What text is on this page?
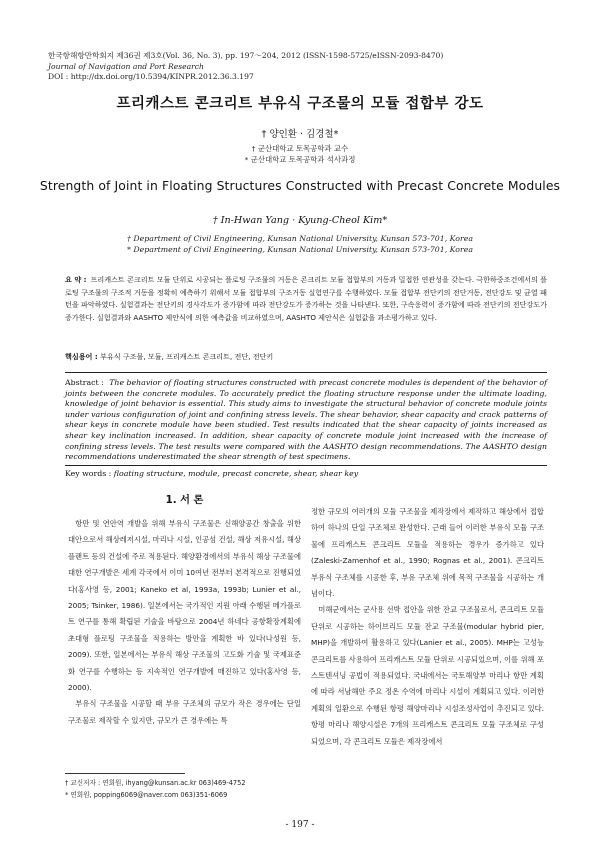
한국항해항만학회지 제36권 제3호(Vol. 36, No. 3), pp. 197～204, 2012 (ISSN-1598-5725/eISSN-2093-8470)
Journal of Navigation and Port Research
DOI : http://dx.doi.org/10.5394/KINPR.2012.36.3.197
프리캐스트 콘크리트 부유식 구조물의 모듈 접합부 강도
† 양인환 · 김경철*
† 군산대학교 토목공학과 교수
* 군산대학교 토목공학과 석사과정
Strength of Joint in Floating Structures Constructed with Precast Concrete Modules
† In-Hwan Yang · Kyung-Cheol Kim*
† Department of Civil Engineering, Kunsan National University, Kunsan 573-701, Korea
* Department of Civil Engineering, Kunsan National University, Kunsan 573-701, Korea
요 약 : 프리캐스트 콘크리트 모듈 단위로 시공되는 플로팅 구조물의 거동은 콘크리트 모듈 접합부의 거동과 밀접한 연관성을 갖는다. 극한하중조건에서의 플로팅 구조물의 구조적 거동을 정확히 예측하기 위해서 모듈 접합부의 구조거동 실험연구를 수행하였다. 모듈 접합부 전단키의 전단거동, 전단강도 및 균열 패턴을 파악하였다. 실험결과는 전단키의 경사각도가 증가함에 따라 전단강도가 증가하는 것을 나타낸다. 또한, 구속응력이 증가함에 따라 전단키의 전단강도가 증가한다. 실험결과와 AASHTO 제안식에 의한 예측값을 비교하였으며, AASHTO 제안식은 실험값을 과소평가하고 있다.
핵심용어 : 부유식 구조물, 모듈, 프리캐스트 콘크리트, 전단, 전단키
Abstract : The behavior of floating structures constructed with precast concrete modules is dependent of the behavior of joints between the concrete modules. To accurately predict the floating structure response under the ultimate loading, knowledge of joint behavior is essential. This study aims to investigate the structural behavior of concrete module joints under various configuration of joint and confining stress levels. The shear behavior, shear capacity and crack patterns of shear keys in concrete module have been studied. Test results indicated that the shear capacity of joints increased as shear key inclination increased. In addition, shear capacity of concrete module joint increased with the increase of confining stress levels. The test results were compared with the AASHTO design recommendations. The AASHTO design recommendations underestimated the shear strength of test specimens.
Key words : floating structure, module, precast concrete, shear, shear key
1. 서 론

항만 및 연안역 개발을 위해 부유식 구조물은 신해양공간 창출을 위한 대안으로서 해상레저시설, 마리나 시설, 인공섬 건설, 해상 저유시설, 해상 플랜트 등의 건설에 주로 적용된다. 해양환경에서의 부유식 해상 구조물에 대한 연구개발은 세계 각국에서 이미 10여년 전부터 본격적으로 진행되었다(홍사영 등, 2001; Kaneko et al, 1993a, 1993b; Lunier et al., 2005; Tsinker, 1986). 일본에서는 국가적인 지원 아래 수행된 메가플로트 연구를 통해 확립된 기술을 바탕으로 2004년 하네다 공항확장계획에 초대형 플로팅 구조물을 적용하는 방안을 계획한 바 있다(나성원 등, 2009). 또한, 일본에서는 부유식 해상 구조물의 고도화 기술 및 국제표준화 연구를 수행하는 등 지속적인 연구개발에 매진하고 있다(홍사영 등, 2000).

부유식 구조물을 시공할 때 부유 구조체의 규모가 작은 경우에는 단일 구조물로 제작할 수 있지만, 규모가 큰 경우에는 특

정한 규모의 여러개의 모듈 구조물을 제작장에서 제작하고 해상에서 접합하여 하나의 단일 구조체로 완성한다. 근래 들어 이러한 부유식 모듈 구조물에 프리캐스트 콘크리트 모듈을 적용하는 경우가 증가하고 있다(Zaleski-Zamenhof et al., 1990; Rognas et al., 2001). 콘크리트 부유식 구조체를 시공한 후, 부유 구조체 위에 목적 구조물을 시공하는 개념이다.

미해군에서는 군사용 선박 접안을 위한 잔교 구조물로서, 콘크리트 모듈단위로 시공하는 하이브리드 모듈 잔교 구조물(modular hybrid pier, MHP)을 개발하여 활용하고 있다(Lanier et al., 2005). MHP는 고성능 콘크리트를 사용하여 프리캐스트 모듈 단위로 시공되었으며, 이를 위해 포스트텐셔닝 공법이 적용되었다. 국내에서는 국토해양부 마리나 항만 계획에 따라 서남해안 주요 정온 수역에 마리나 시설이 계획되고 있다. 이러한 계획의 일환으로 수행된 항평 해양마리나 시설조성사업이 추진되고 있다. 항평 마리나 해양시설은 7개의 프리캐스트 콘크리트 모듈 구조체로 구성되었으며, 각 콘크리트 모듈은 제작장에서

† 교신저자 : 연회원, ihyang@kunsan.ac.kr 063)469-4752
* 연회원, popping6069@naver.com 063)351-6069
- 197 -
